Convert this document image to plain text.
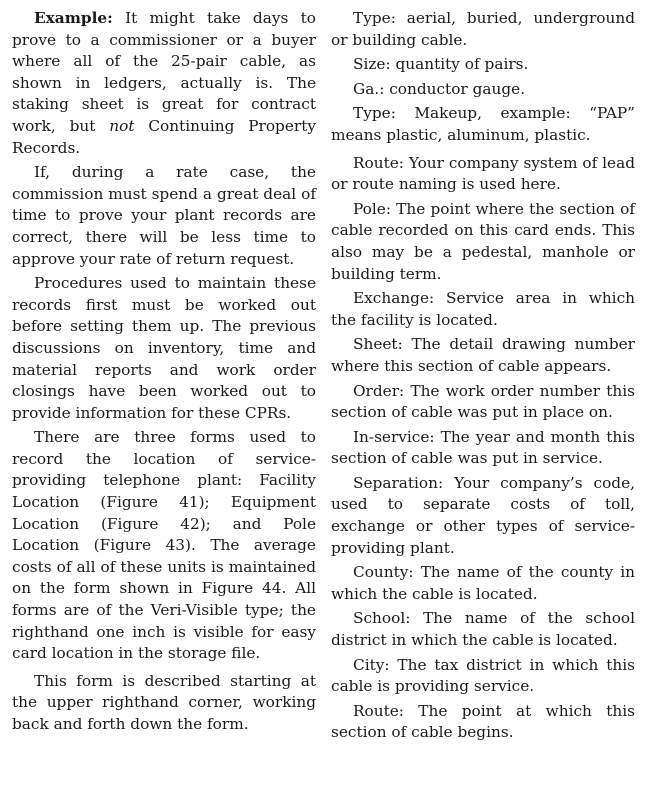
Example: It might take days to prove to a commissioner or a buyer where all of the 25-pair cable, as shown in ledgers, actually is. The staking sheet is great for contract work, but not Continuing Property Records.

If, during a rate case, the commission must spend a great deal of time to prove your plant records are correct, there will be less time to approve your rate of return request.

Procedures used to maintain these records first must be worked out before setting them up. The previous discussions on inventory, time and material reports and work order closings have been worked out to provide information for these CPRs.

There are three forms used to record the location of service-providing telephone plant: Facility Location (Figure 41); Equipment Location (Figure 42); and Pole Location (Figure 43). The average costs of all of these units is maintained on the form shown in Figure 44. All forms are of the Veri-Visible type; the righthand one inch is visible for easy card location in the storage file.

This form is described starting at the upper righthand corner, working back and forth down the form.

Type: aerial, buried, underground or building cable.

Size: quantity of pairs.

Ga.: conductor gauge.

Type: Makeup, example: “PAP” means plastic, aluminum, plastic.

Route: Your company system of lead or route naming is used here.

Pole: The point where the section of cable recorded on this card ends. This also may be a pedestal, manhole or building term.

Exchange: Service area in which the facility is located.

Sheet: The detail drawing number where this section of cable appears.

Order: The work order number this section of cable was put in place on.

In-service: The year and month this section of cable was put in service.

Separation: Your company’s code, used to separate costs of toll, exchange or other types of service-providing plant.

County: The name of the county in which the cable is located.

School: The name of the school district in which the cable is located.

City: The tax district in which this cable is providing service.

Route: The point at which this section of cable begins.
